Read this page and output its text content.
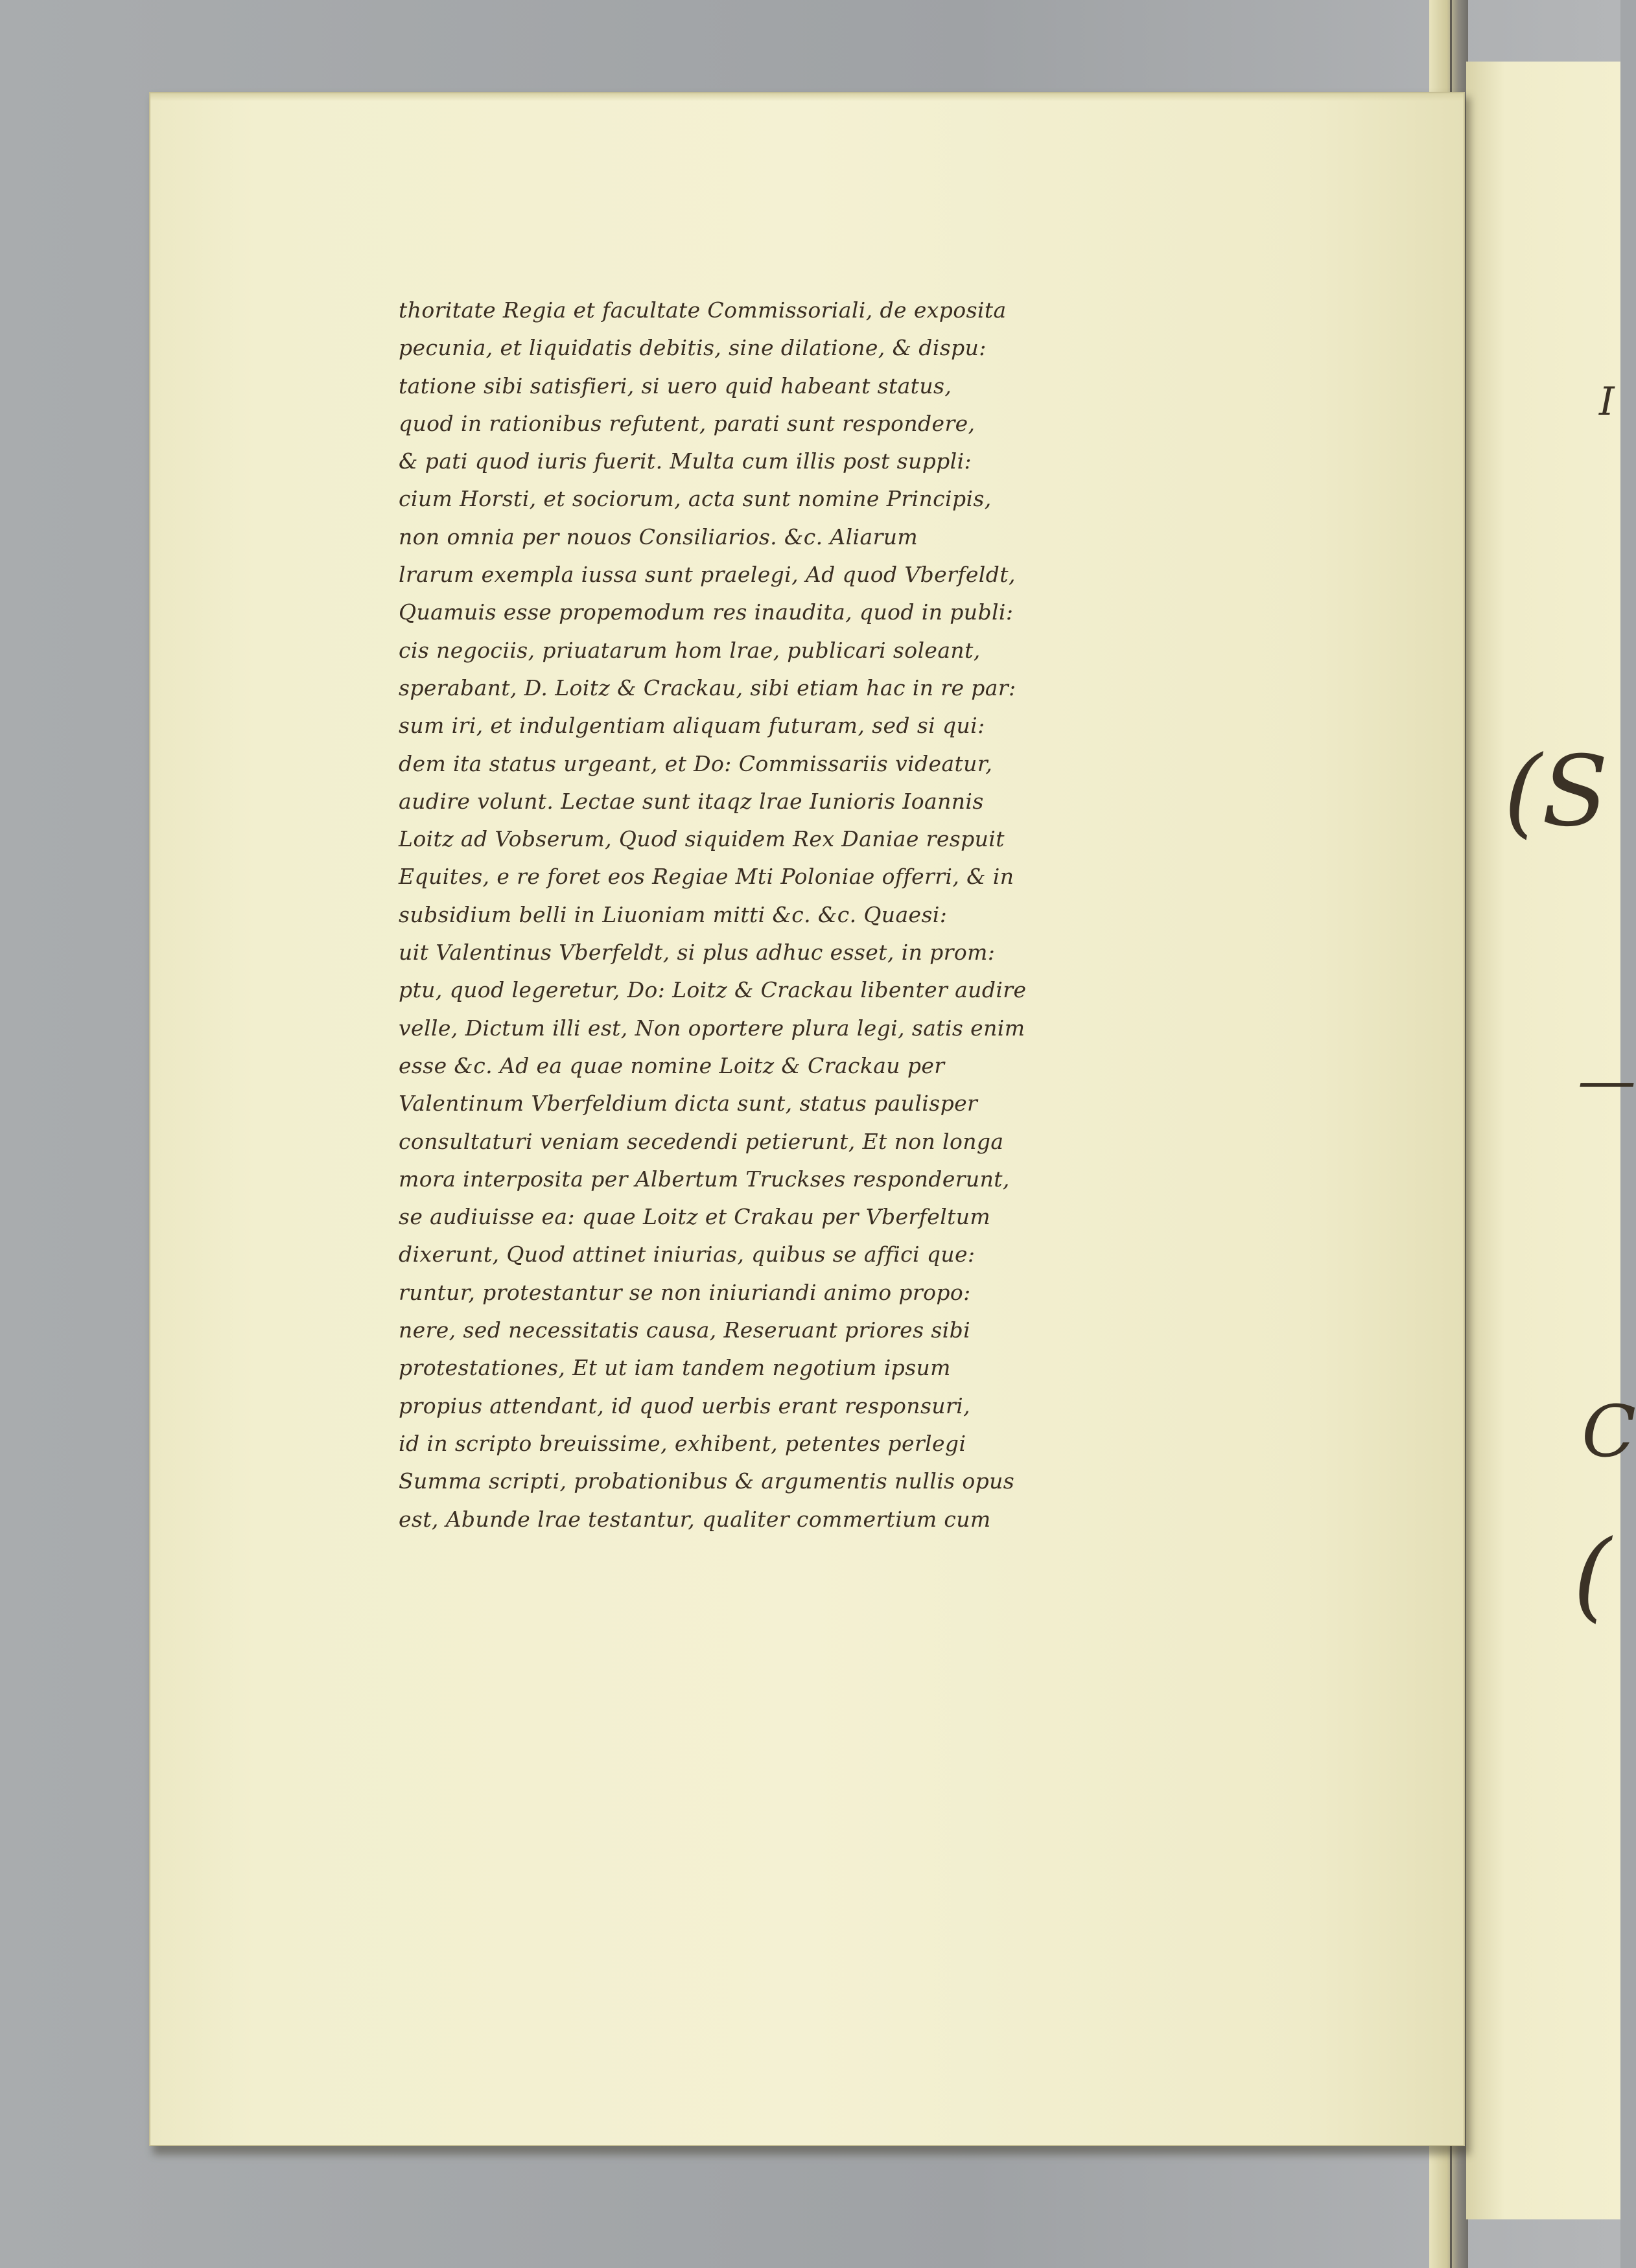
I
(S
—
C
(
thoritate Regia et facultate Commissoriali, de exposita
pecunia, et liquidatis debitis, sine dilatione, & dispu:
tatione sibi satisfieri, si uero quid habeant status,
quod in rationibus refutent, parati sunt respondere,
& pati quod iuris fuerit. Multa cum illis post suppli:
cium Horsti, et sociorum, acta sunt nomine Principis,
non omnia per nouos Consiliarios. &c. Aliarum
lrarum exempla iussa sunt praelegi, Ad quod Vberfeldt,
Quamuis esse propemodum res inaudita, quod in publi:
cis negociis, priuatarum hom lrae, publicari soleant,
sperabant, D. Loitz & Crackau, sibi etiam hac in re par:
sum iri, et indulgentiam aliquam futuram, sed si qui:
dem ita status urgeant, et Do: Commissariis videatur,
audire volunt. Lectae sunt itaqz lrae Iunioris Ioannis
Loitz ad Vobserum, Quod siquidem Rex Daniae respuit
Equites, e re foret eos Regiae Mti Poloniae offerri, & in
subsidium belli in Liuoniam mitti &c. &c. Quaesi:
uit Valentinus Vberfeldt, si plus adhuc esset, in prom:
ptu, quod legeretur, Do: Loitz & Crackau libenter audire
velle, Dictum illi est, Non oportere plura legi, satis enim
esse &c. Ad ea quae nomine Loitz & Crackau per
Valentinum Vberfeldium dicta sunt, status paulisper
consultaturi veniam secedendi petierunt, Et non longa
mora interposita per Albertum Truckses responderunt,
se audiuisse ea: quae Loitz et Crakau per Vberfeltum
dixerunt, Quod attinet iniurias, quibus se affici que:
runtur, protestantur se non iniuriandi animo propo:
nere, sed necessitatis causa, Reseruant priores sibi
protestationes, Et ut iam tandem negotium ipsum
propius attendant, id quod uerbis erant responsuri,
id in scripto breuissime, exhibent, petentes perlegi
Summa scripti, probationibus & argumentis nullis opus
est, Abunde lrae testantur, qualiter commertium cum
